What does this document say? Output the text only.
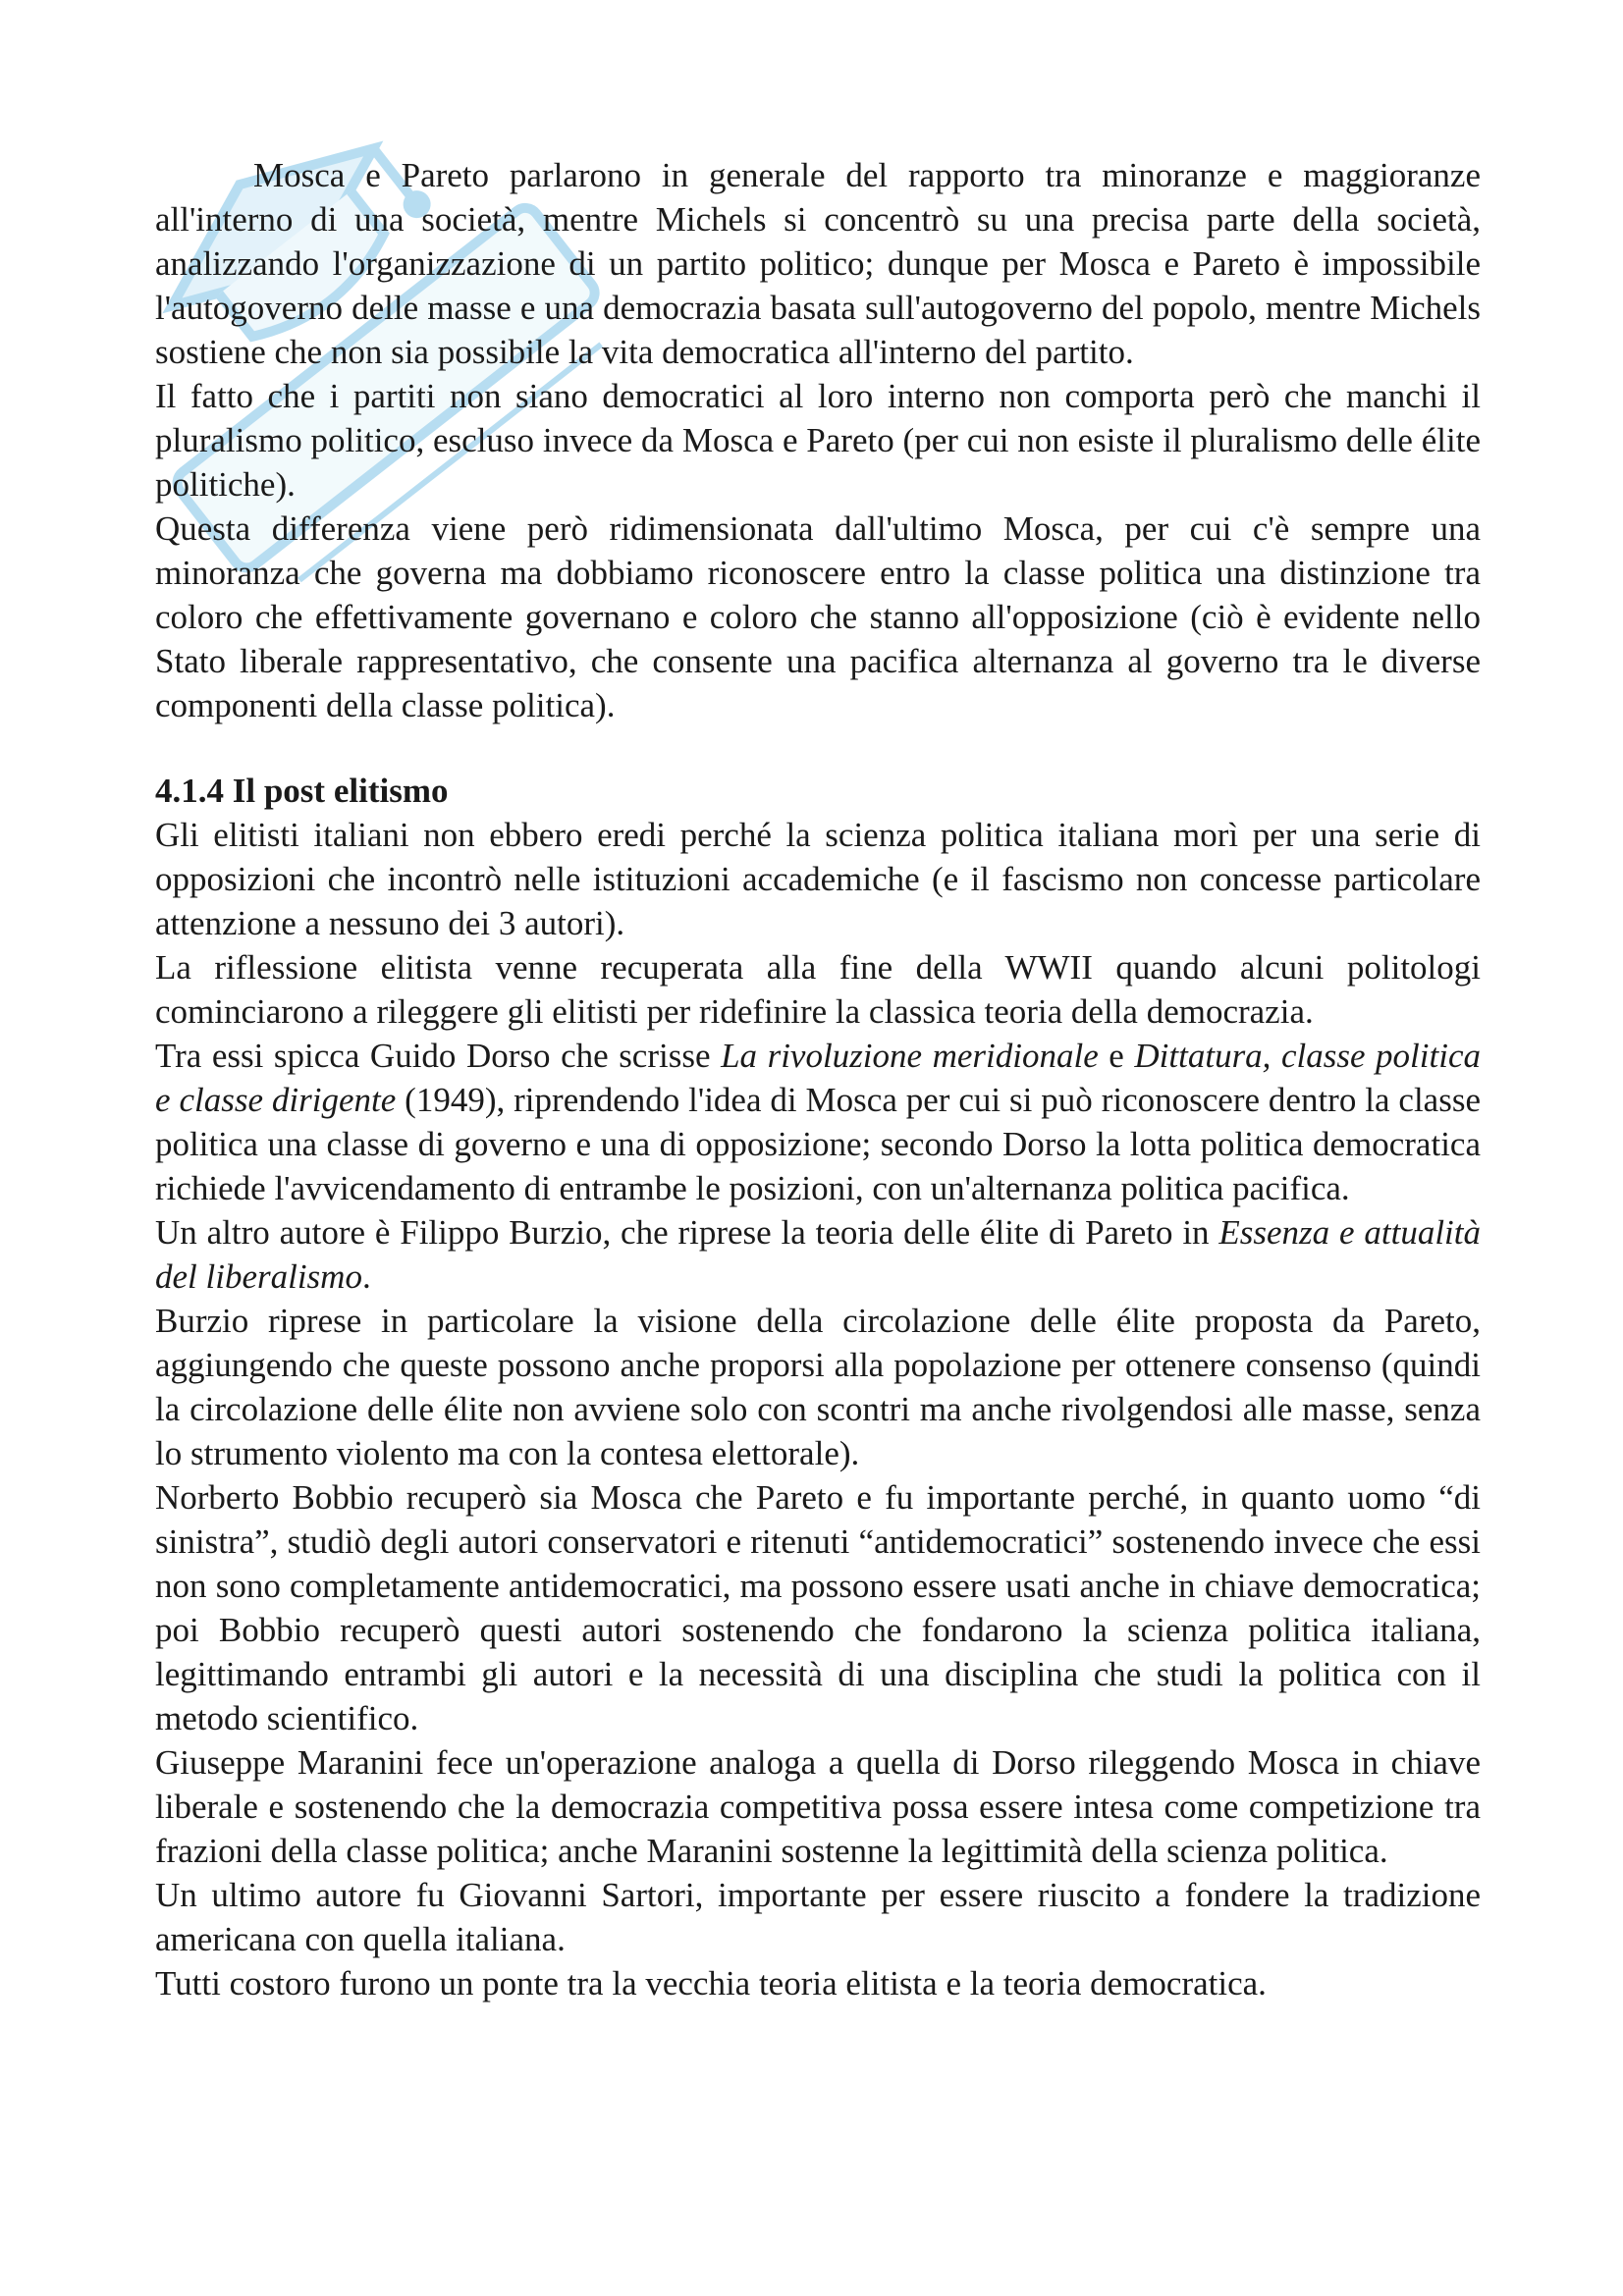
Mosca e Pareto parlarono in generale del rapporto tra minoranze e maggioranze all'interno di una società, mentre Michels si concentrò su una precisa parte della società, analizzando l'organizzazione di un partito politico; dunque per Mosca e Pareto è impossibile l'autogoverno delle masse e una democrazia basata sull'autogoverno del popolo, mentre Michels sostiene che non sia possibile la vita democratica all'interno del partito.

Il fatto che i partiti non siano democratici al loro interno non comporta però che manchi il pluralismo politico, escluso invece da Mosca e Pareto (per cui non esiste il pluralismo delle élite politiche).

Questa differenza viene però ridimensionata dall'ultimo Mosca, per cui c'è sempre una minoranza che governa ma dobbiamo riconoscere entro la classe politica una distinzione tra coloro che effettivamente governano e coloro che stanno all'opposizione (ciò è evidente nello Stato liberale rappresentativo, che consente una pacifica alternanza al governo tra le diverse componenti della classe politica).

4.1.4 Il post elitismo

Gli elitisti italiani non ebbero eredi perché la scienza politica italiana morì per una serie di opposizioni che incontrò nelle istituzioni accademiche (e il fascismo non concesse particolare attenzione a nessuno dei 3 autori).

La riflessione elitista venne recuperata alla fine della WWII quando alcuni politologi cominciarono a rileggere gli elitisti per ridefinire la classica teoria della democrazia.

Tra essi spicca Guido Dorso che scrisse La rivoluzione meridionale e Dittatura, classe politica e classe dirigente (1949), riprendendo l'idea di Mosca per cui si può riconoscere dentro la classe politica una classe di governo e una di opposizione; secondo Dorso la lotta politica democratica richiede l'avvicendamento di entrambe le posizioni, con un'alternanza politica pacifica.

Un altro autore è Filippo Burzio, che riprese la teoria delle élite di Pareto in Essenza e attualità del liberalismo.

Burzio riprese in particolare la visione della circolazione delle élite proposta da Pareto, aggiungendo che queste possono anche proporsi alla popolazione per ottenere consenso (quindi la circolazione delle élite non avviene solo con scontri ma anche rivolgendosi alle masse, senza lo strumento violento ma con la contesa elettorale).

Norberto Bobbio recuperò sia Mosca che Pareto e fu importante perché, in quanto uomo “di sinistra”, studiò degli autori conservatori e ritenuti “antidemocratici” sostenendo invece che essi non sono completamente antidemocratici, ma possono essere usati anche in chiave democratica; poi Bobbio recuperò questi autori sostenendo che fondarono la scienza politica italiana, legittimando entrambi gli autori e la necessità di una disciplina che studi la politica con il metodo scientifico.

Giuseppe Maranini fece un'operazione analoga a quella di Dorso rileggendo Mosca in chiave liberale e sostenendo che la democrazia competitiva possa essere intesa come competizione tra frazioni della classe politica; anche Maranini sostenne la legittimità della scienza politica.

Un ultimo autore fu Giovanni Sartori, importante per essere riuscito a fondere la tradizione americana con quella italiana.

Tutti costoro furono un ponte tra la vecchia teoria elitista e la teoria democratica.
